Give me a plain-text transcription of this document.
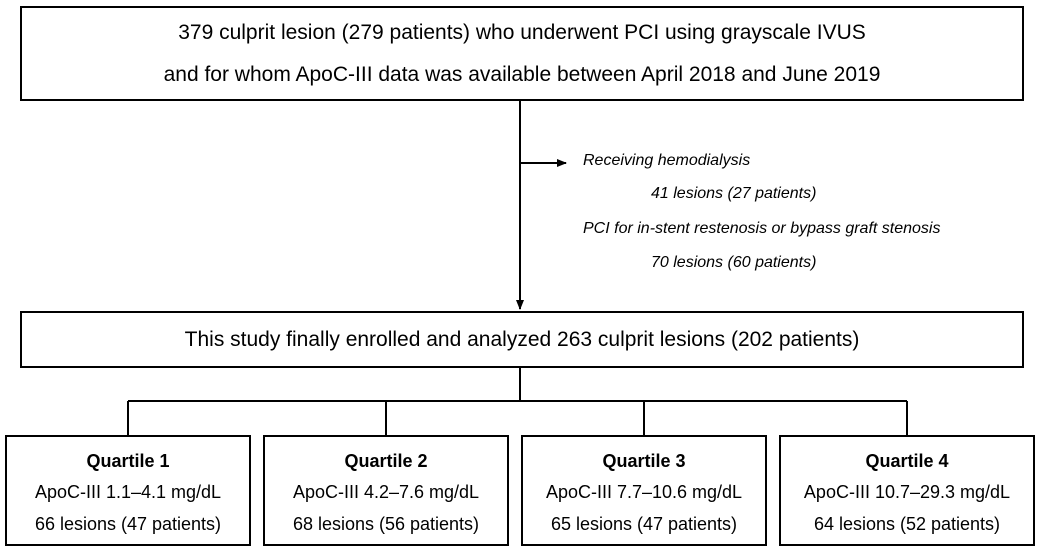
379 culprit lesion (279 patients) who underwent PCI using grayscale IVUS
and for whom ApoC-III data was available between April 2018 and June 2019
Receiving hemodialysis
41 lesions (27 patients)
PCI for in-stent restenosis or bypass graft stenosis
70 lesions (60 patients)
This study finally enrolled and analyzed 263 culprit lesions (202 patients)
Quartile 1
ApoC-III 1.1–4.1 mg/dL
66 lesions (47 patients)
Quartile 2
ApoC-III 4.2–7.6 mg/dL
68 lesions (56 patients)
Quartile 3
ApoC-III 7.7–10.6 mg/dL
65 lesions (47 patients)
Quartile 4
ApoC-III 10.7–29.3 mg/dL
64 lesions (52 patients)
